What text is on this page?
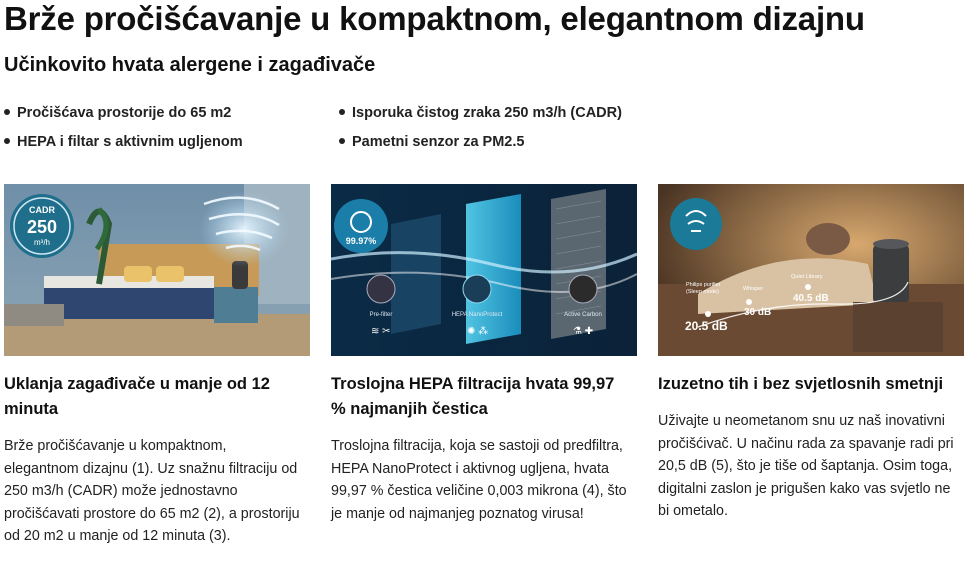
Brže pročišćavanje u kompaktnom, elegantnom dizajnu
Učinkovito hvata alergene i zagađivače
Pročišćava prostorije do 65 m2	Isporuka čistog zraka 250 m3/h (CADR)
HEPA i filtar s aktivnim ugljenom	Pametni senzor za PM2.5
CADR
250
m³/h	99.97%
Pre-filter	HEPA NanoProtect	Active Carbon
≋ ✂	✺ ⁂	⚗ ✚
Philips purifier
(Sleep mode)
20.5 dB
Whisper
30 dB
Quiet Library
40.5 dB
Uklanja zagađivače u manje od 12 minuta
Troslojna HEPA filtracija hvata 99,97 % najmanjih čestica
Izuzetno tih i bez svjetlosnih smetnji
Brže pročišćavanje u kompaktnom, elegantnom dizajnu (1). Uz snažnu filtraciju od 250 m3/h (CADR) može jednostavno pročišćavati prostore do 65 m2 (2), a prostoriju od 20 m2 u manje od 12 minuta (3).
Troslojna filtracija, koja se sastoji od predfiltra, HEPA NanoProtect i aktivnog ugljena, hvata 99,97 % čestica veličine 0,003 mikrona (4), što je manje od najmanjeg poznatog virusa!
Uživajte u neometanom snu uz naš inovativni pročišćivač. U načinu rada za spavanje radi pri 20,5 dB (5), što je tiše od šaptanja. Osim toga, digitalni zaslon je prigušen kako vas svjetlo ne bi ometalo.
